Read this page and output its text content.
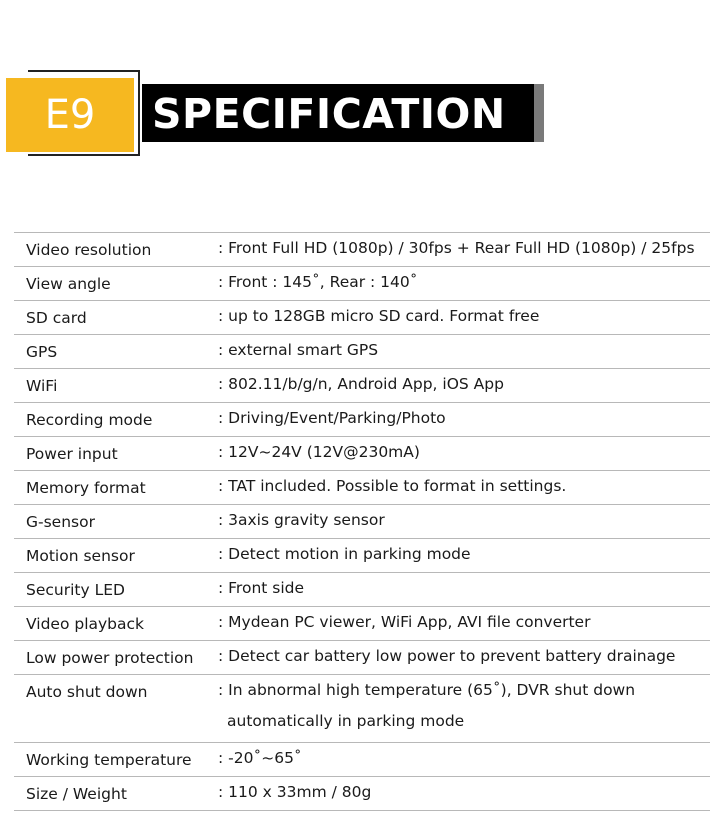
E9 SPECIFICATION
Video resolution	: Front Full HD (1080p) / 30fps + Rear Full HD (1080p) / 25fps
View angle	: Front : 145˚, Rear : 140˚
SD card	: up to 128GB micro SD card. Format free
GPS	: external smart GPS
WiFi	: 802.11/b/g/n, Android App, iOS App
Recording mode	: Driving/Event/Parking/Photo
Power input	: 12V~24V (12V@230mA)
Memory format	: TAT included. Possible to format in settings.
G-sensor	: 3axis gravity sensor
Motion sensor	: Detect motion in parking mode
Security LED	: Front side
Video playback	: Mydean PC viewer, WiFi App, AVI file converter
Low power protection	: Detect car battery low power to prevent battery drainage
Auto shut down	: In abnormal high temperature (65˚), DVR shut down
automatically in parking mode
Working temperature	: -20˚~65˚
Size / Weight	: 110 x 33mm / 80g
